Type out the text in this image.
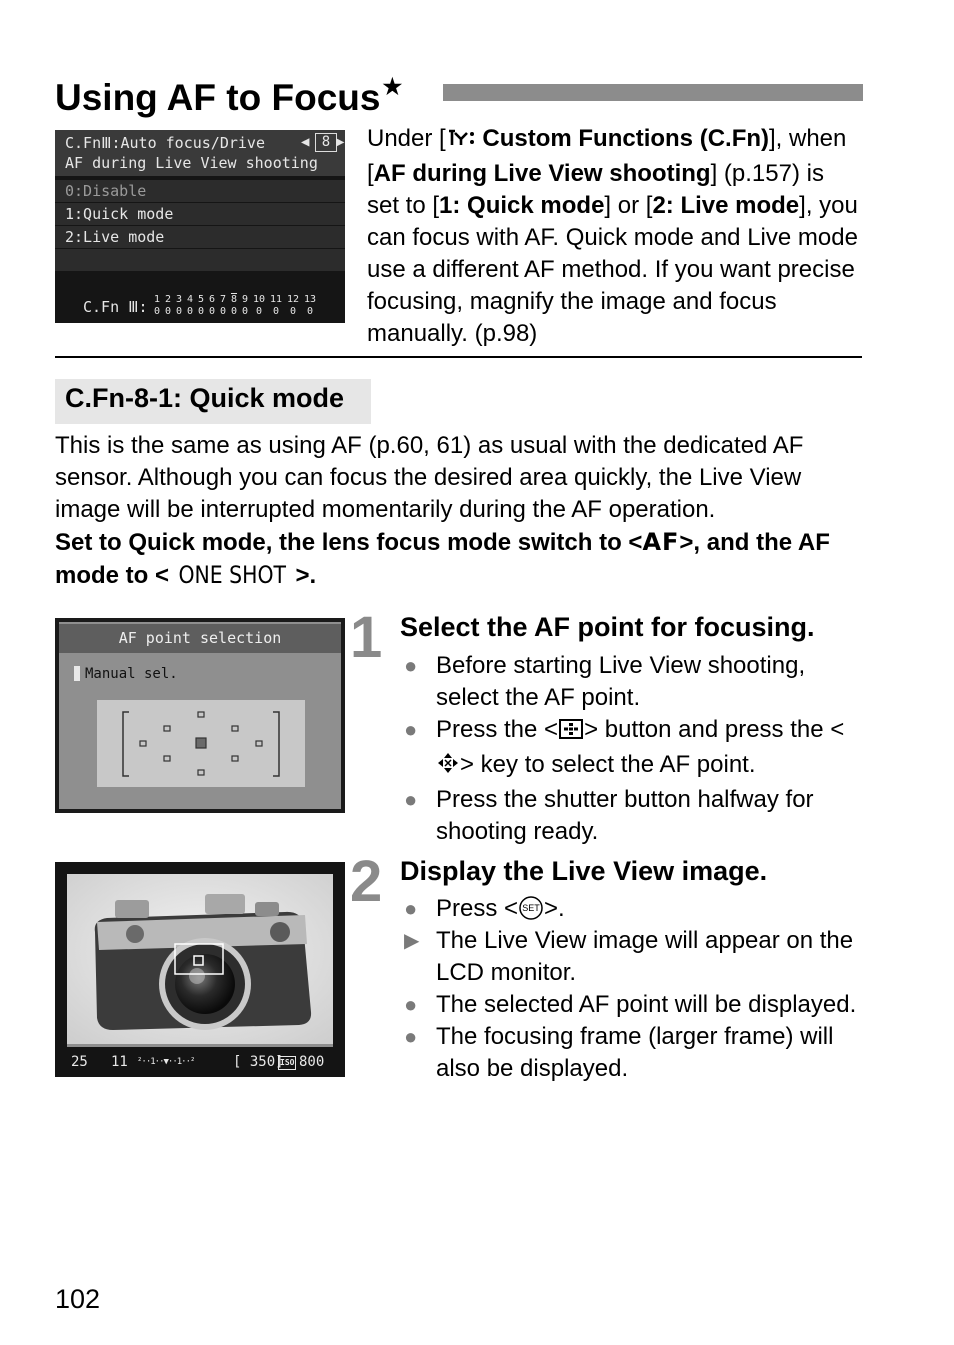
Using AF to Focus★
C.FnⅢ:Auto focus/Drive	◀ 8 ▶
AF during Live View shooting
0:Disable
1:Quick mode
2:Live mode
C.Fn Ⅲ: 1 2 3 4 5 6 7 8 9 10 11 12 13
0 0 0 0 0 0 0 0 0 0	0	0	0
Under [ Custom Functions (C.Fn)], when [AF during Live View shooting] (p.157) is set to [1: Quick mode] or [2: Live mode], you can focus with AF. Quick mode and Live mode use a different AF method. If you want precise focusing, magnify the image and focus manually. (p.98)
C.Fn-8-1: Quick mode
This is the same as using AF (p.60, 61) as usual with the dedicated AF sensor. Although you can focus the desired area quickly, the Live View image will be interrupted momentarily during the AF operation.
Set to Quick mode, the lens focus mode switch to <AF>, and the AF mode to < ONE SHOT >.
AF point selection
Manual sel.
1 Select the AF point for focusing.
● Before starting Live View shooting, select the AF point.
● Press the < > button and press the <> key to select the AF point.
● Press the shutter button halfway for shooting ready.
25 11 ²··1··▼··1··²	[ 350]
ISO 800
2 Display the Live View image.
● Press < SET >.
▶ The Live View image will appear on the LCD monitor.
● The selected AF point will be displayed.
● The focusing frame (larger frame) will also be displayed.
102
